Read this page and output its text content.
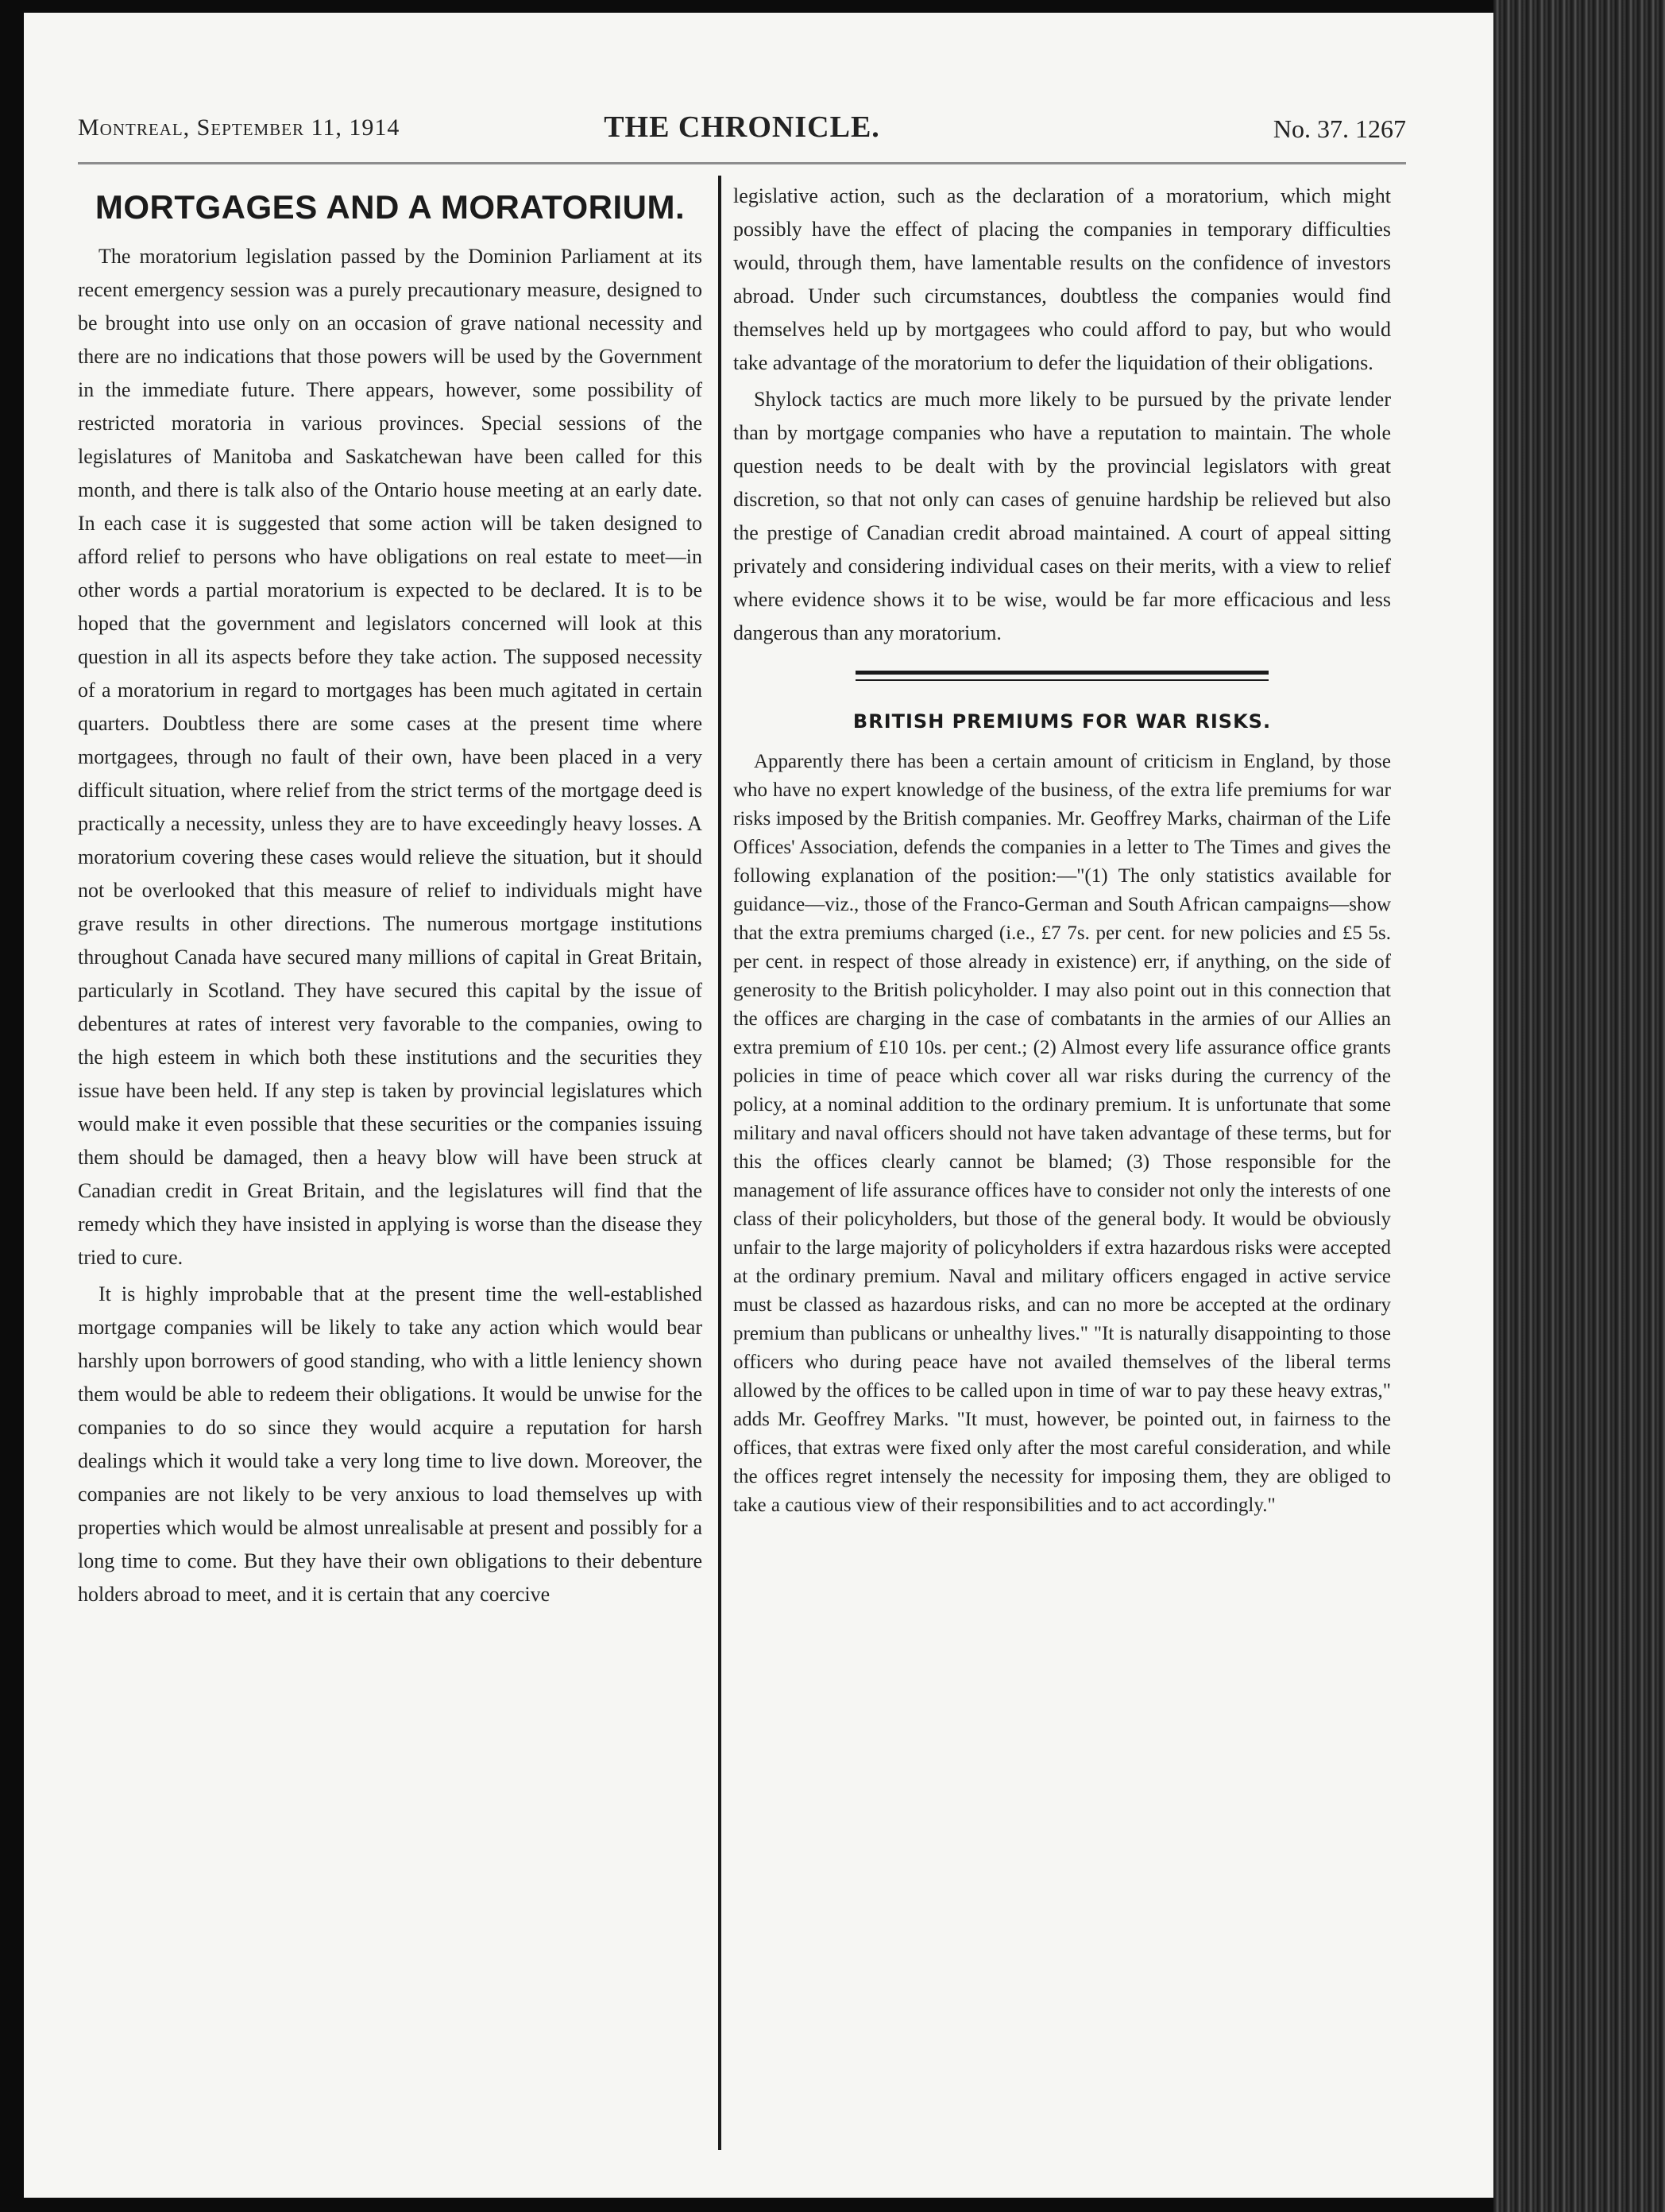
Montreal, September 11, 1914	THE CHRONICLE.	No. 37. 1267
MORTGAGES AND A MORATORIUM.

The moratorium legislation passed by the Dominion Parliament at its recent emergency session was a purely precautionary measure, designed to be brought into use only on an occasion of grave national necessity and there are no indications that those powers will be used by the Government in the immediate future. There appears, however, some possibility of restricted moratoria in various provinces. Special sessions of the legislatures of Manitoba and Saskatchewan have been called for this month, and there is talk also of the Ontario house meeting at an early date. In each case it is suggested that some action will be taken designed to afford relief to persons who have obligations on real estate to meet—in other words a partial moratorium is expected to be declared. It is to be hoped that the government and legislators concerned will look at this question in all its aspects before they take action. The supposed necessity of a moratorium in regard to mortgages has been much agitated in certain quarters. Doubtless there are some cases at the present time where mortgagees, through no fault of their own, have been placed in a very difficult situation, where relief from the strict terms of the mortgage deed is practically a necessity, unless they are to have exceedingly heavy losses. A moratorium covering these cases would relieve the situation, but it should not be overlooked that this measure of relief to individuals might have grave results in other directions. The numerous mortgage institutions throughout Canada have secured many millions of capital in Great Britain, particularly in Scotland. They have secured this capital by the issue of debentures at rates of interest very favorable to the companies, owing to the high esteem in which both these institutions and the securities they issue have been held. If any step is taken by provincial legislatures which would make it even possible that these securities or the companies issuing them should be damaged, then a heavy blow will have been struck at Canadian credit in Great Britain, and the legislatures will find that the remedy which they have insisted in applying is worse than the disease they tried to cure.

It is highly improbable that at the present time the well-established mortgage companies will be likely to take any action which would bear harshly upon borrowers of good standing, who with a little leniency shown them would be able to redeem their obligations. It would be unwise for the companies to do so since they would acquire a reputation for harsh dealings which it would take a very long time to live down. Moreover, the companies are not likely to be very anxious to load themselves up with properties which would be almost unrealisable at present and possibly for a long time to come. But they have their own obligations to their debenture holders abroad to meet, and it is certain that any coercive

legislative action, such as the declaration of a moratorium, which might possibly have the effect of placing the companies in temporary difficulties would, through them, have lamentable results on the confidence of investors abroad. Under such circumstances, doubtless the companies would find themselves held up by mortgagees who could afford to pay, but who would take advantage of the moratorium to defer the liquidation of their obligations.

Shylock tactics are much more likely to be pursued by the private lender than by mortgage companies who have a reputation to maintain. The whole question needs to be dealt with by the provincial legislators with great discretion, so that not only can cases of genuine hardship be relieved but also the prestige of Canadian credit abroad maintained. A court of appeal sitting privately and considering individual cases on their merits, with a view to relief where evidence shows it to be wise, would be far more efficacious and less dangerous than any moratorium.

BRITISH PREMIUMS FOR WAR RISKS.

Apparently there has been a certain amount of criticism in England, by those who have no expert knowledge of the business, of the extra life premiums for war risks imposed by the British companies. Mr. Geoffrey Marks, chairman of the Life Offices' Association, defends the companies in a letter to The Times and gives the following explanation of the position:—"(1) The only statistics available for guidance—viz., those of the Franco-German and South African campaigns—show that the extra premiums charged (i.e., £7 7s. per cent. for new policies and £5 5s. per cent. in respect of those already in existence) err, if anything, on the side of generosity to the British policyholder. I may also point out in this connection that the offices are charging in the case of combatants in the armies of our Allies an extra premium of £10 10s. per cent.; (2) Almost every life assurance office grants policies in time of peace which cover all war risks during the currency of the policy, at a nominal addition to the ordinary premium. It is unfortunate that some military and naval officers should not have taken advantage of these terms, but for this the offices clearly cannot be blamed; (3) Those responsible for the management of life assurance offices have to consider not only the interests of one class of their policyholders, but those of the general body. It would be obviously unfair to the large majority of policyholders if extra hazardous risks were accepted at the ordinary premium. Naval and military officers engaged in active service must be classed as hazardous risks, and can no more be accepted at the ordinary premium than publicans or unhealthy lives." "It is naturally disappointing to those officers who during peace have not availed themselves of the liberal terms allowed by the offices to be called upon in time of war to pay these heavy extras," adds Mr. Geoffrey Marks. "It must, however, be pointed out, in fairness to the offices, that extras were fixed only after the most careful consideration, and while the offices regret intensely the necessity for imposing them, they are obliged to take a cautious view of their responsibilities and to act accordingly."
